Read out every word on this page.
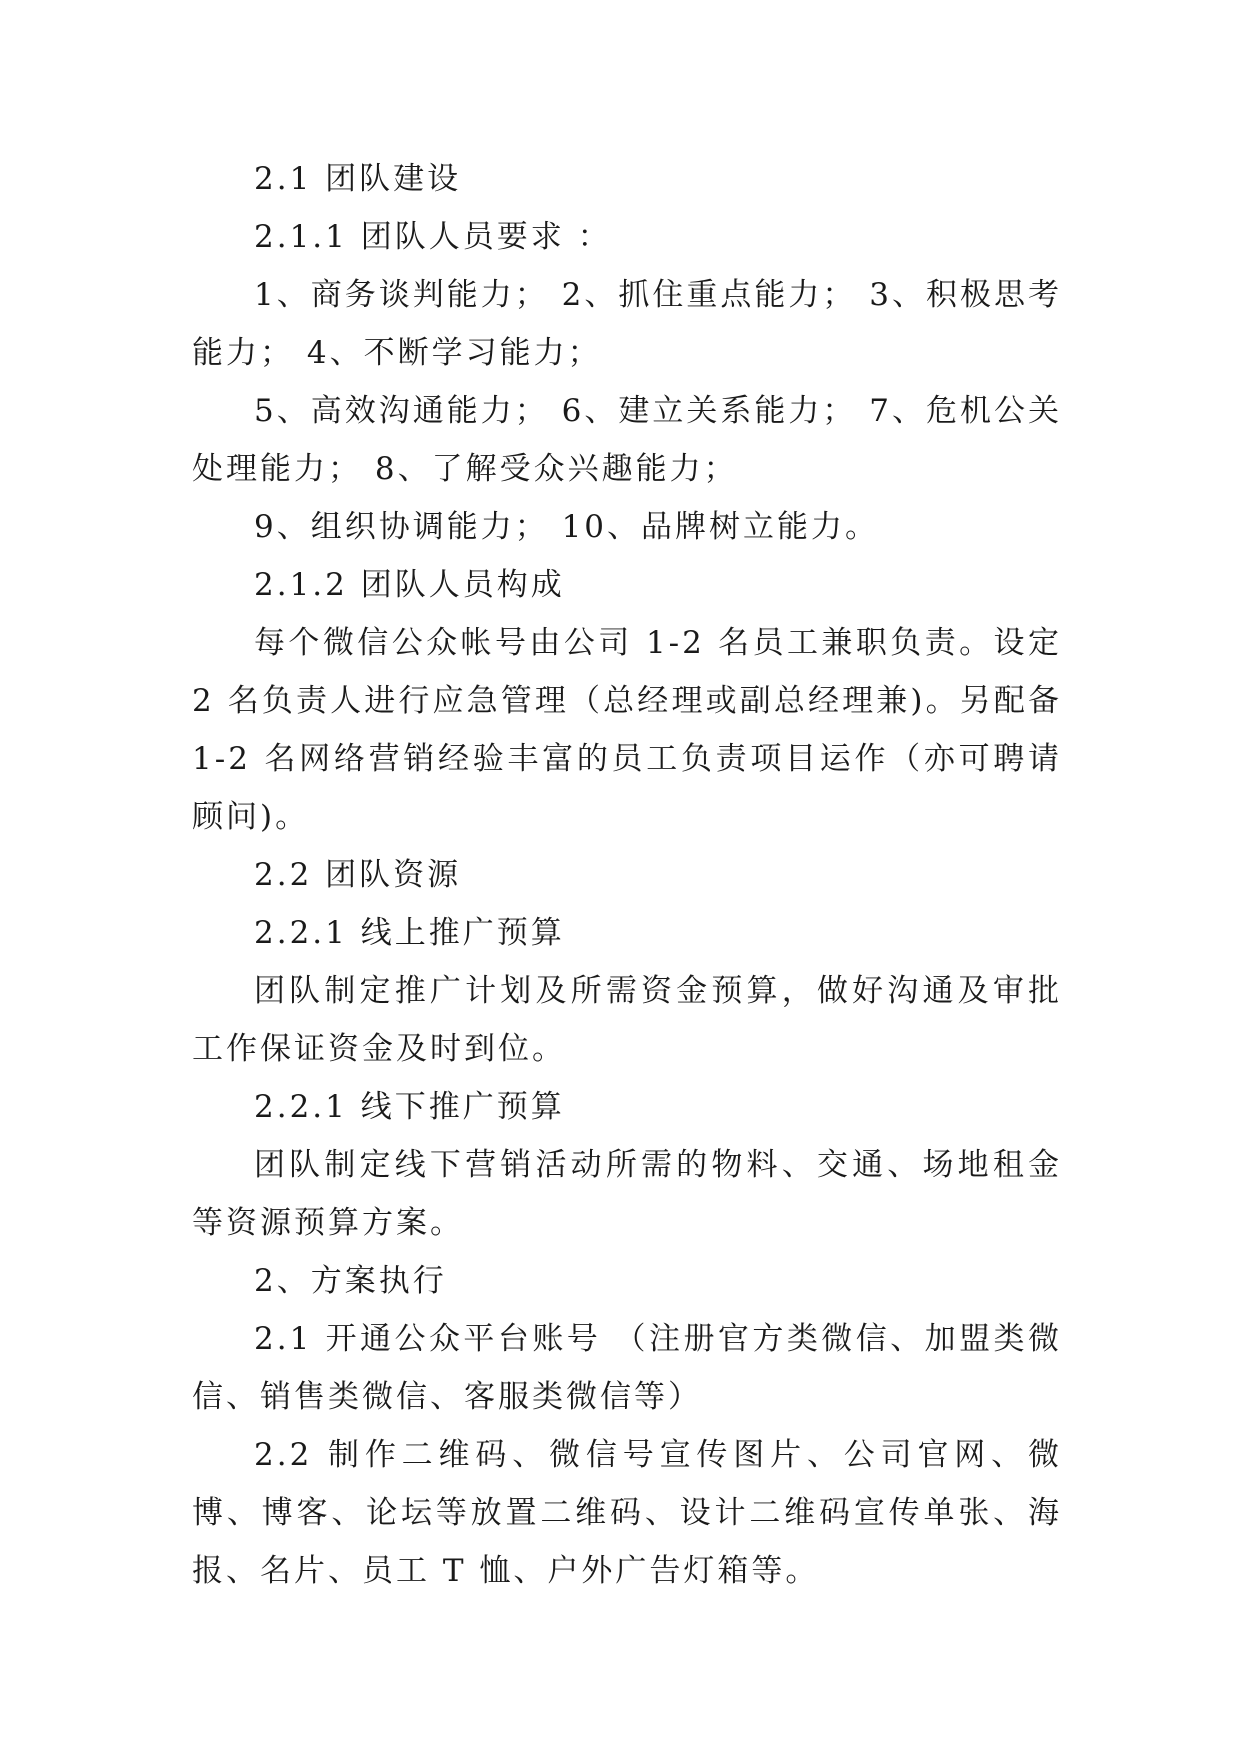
2.1 团队建设

2.1.1 团队人员要求 ：

1、商务谈判能力； 2、抓住重点能力； 3、积极思考能力； 4、不断学习能力；

5、高效沟通能力； 6、建立关系能力； 7、危机公关处理能力； 8、了解受众兴趣能力；

9、组织协调能力； 10、品牌树立能力。

2.1.2 团队人员构成

每个微信公众帐号由公司 1-2 名员工兼职负责。设定 2 名负责人进行应急管理（总经理或副总经理兼)。另配备 1-2 名网络营销经验丰富的员工负责项目运作（亦可聘请顾问)。

2.2 团队资源

2.2.1 线上推广预算

团队制定推广计划及所需资金预算，做好沟通及审批工作保证资金及时到位。

2.2.1 线下推广预算

团队制定线下营销活动所需的物料、交通、场地租金等资源预算方案。

2、方案执行

2.1 开通公众平台账号 （注册官方类微信、加盟类微信、销售类微信、客服类微信等）

2.2 制作二维码、微信号宣传图片、公司官网、微博、博客、论坛等放置二维码、设计二维码宣传单张、海报、名片、员工 T 恤、户外广告灯箱等。
